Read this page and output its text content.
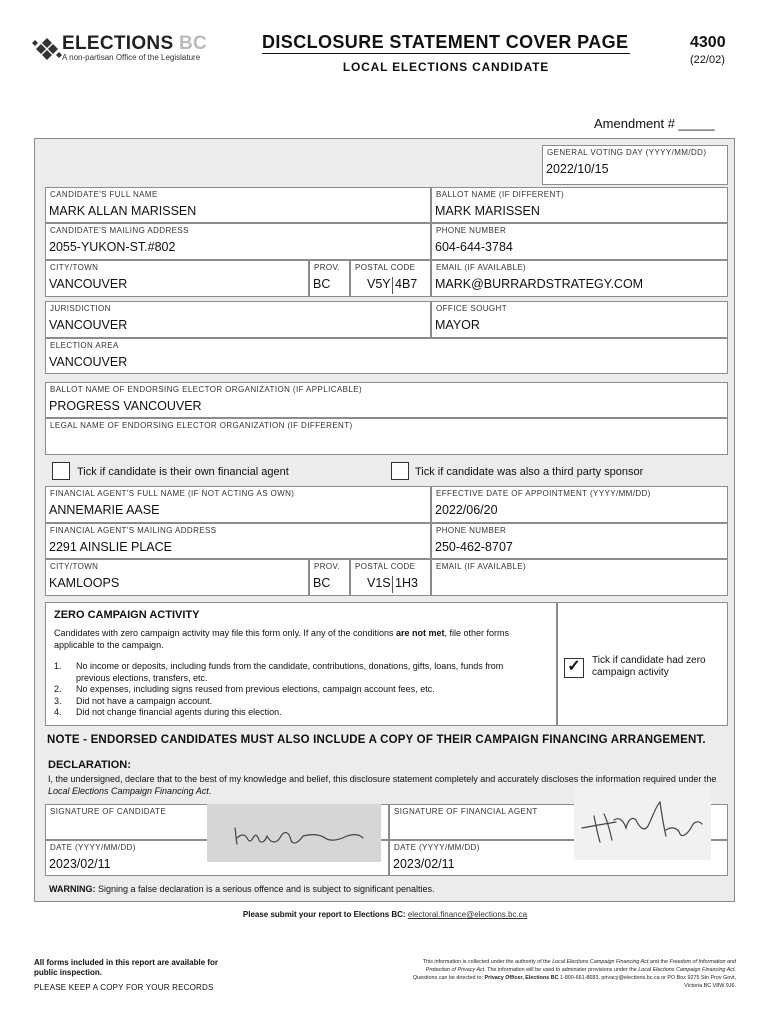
ELECTIONS BC
A non-partisan Office of the Legislature
DISCLOSURE STATEMENT COVER PAGE
LOCAL ELECTIONS CANDIDATE
4300
(22/02)
Amendment # _____
GENERAL VOTING DAY (YYYY/MM/DD)
2022/10/15
CANDIDATE'S FULL NAME
MARK ALLAN MARISSEN
BALLOT NAME (IF DIFFERENT)
MARK MARISSEN
CANDIDATE'S MAILING ADDRESS
2055-YUKON-ST.#802
PHONE NUMBER
604-644-3784
CITY/TOWN
VANCOUVER
PROV.
BC
POSTAL CODE
V5Y 4B7
EMAIL (IF AVAILABLE)
MARK@BURRARDSTRATEGY.COM
JURISDICTION
VANCOUVER
OFFICE SOUGHT
MAYOR
ELECTION AREA
VANCOUVER
BALLOT NAME OF ENDORSING ELECTOR ORGANIZATION (IF APPLICABLE)
PROGRESS VANCOUVER
LEGAL NAME OF ENDORSING ELECTOR ORGANIZATION (IF DIFFERENT)
Tick if candidate is their own financial agent	Tick if candidate was also a third party sponsor
FINANCIAL AGENT'S FULL NAME (IF NOT ACTING AS OWN)
ANNEMARIE AASE
EFFECTIVE DATE OF APPOINTMENT (YYYY/MM/DD)
2022/06/20
FINANCIAL AGENT'S MAILING ADDRESS
2291 AINSLIE PLACE
PHONE NUMBER
250-462-8707
CITY/TOWN
KAMLOOPS
PROV.
BC
POSTAL CODE
V1S 1H3
EMAIL (IF AVAILABLE)
ZERO CAMPAIGN ACTIVITY
Candidates with zero campaign activity may file this form only. If any of the conditions are not met, file other forms applicable to the campaign.
1. No income or deposits, including funds from the candidate, contributions, donations, gifts, loans, funds from previous elections, transfers, etc.
2. No expenses, including signs reused from previous elections, campaign account fees, etc.
3. Did not have a campaign account.
4. Did not change financial agents during this election.
✓	Tick if candidate had zero campaign activity
NOTE - ENDORSED CANDIDATES MUST ALSO INCLUDE A COPY OF THEIR CAMPAIGN FINANCING ARRANGEMENT.
DECLARATION:
I, the undersigned, declare that to the best of my knowledge and belief, this disclosure statement completely and accurately discloses the information required under the Local Elections Campaign Financing Act.
SIGNATURE OF CANDIDATE	SIGNATURE OF FINANCIAL AGENT
DATE (YYYY/MM/DD)
2023/02/11
DATE (YYYY/MM/DD)
2023/02/11
WARNING: Signing a false declaration is a serious offence and is subject to significant penalties.
Please submit your report to Elections BC: electoral.finance@elections.bc.ca
All forms included in this report are available for public inspection.
PLEASE KEEP A COPY FOR YOUR RECORDS
This information is collected under the authority of the Local Elections Campaign Financing Act and the Freedom of Information and Protection of Privacy Act. The information will be used to administer provisions under the Local Elections Campaign Financing Act. Questions can be directed to: Privacy Officer, Elections BC 1-800-661-8683, privacy@elections.bc.ca or PO Box 9275 Stn Prov Govt, Victoria BC V8W 9J6.
